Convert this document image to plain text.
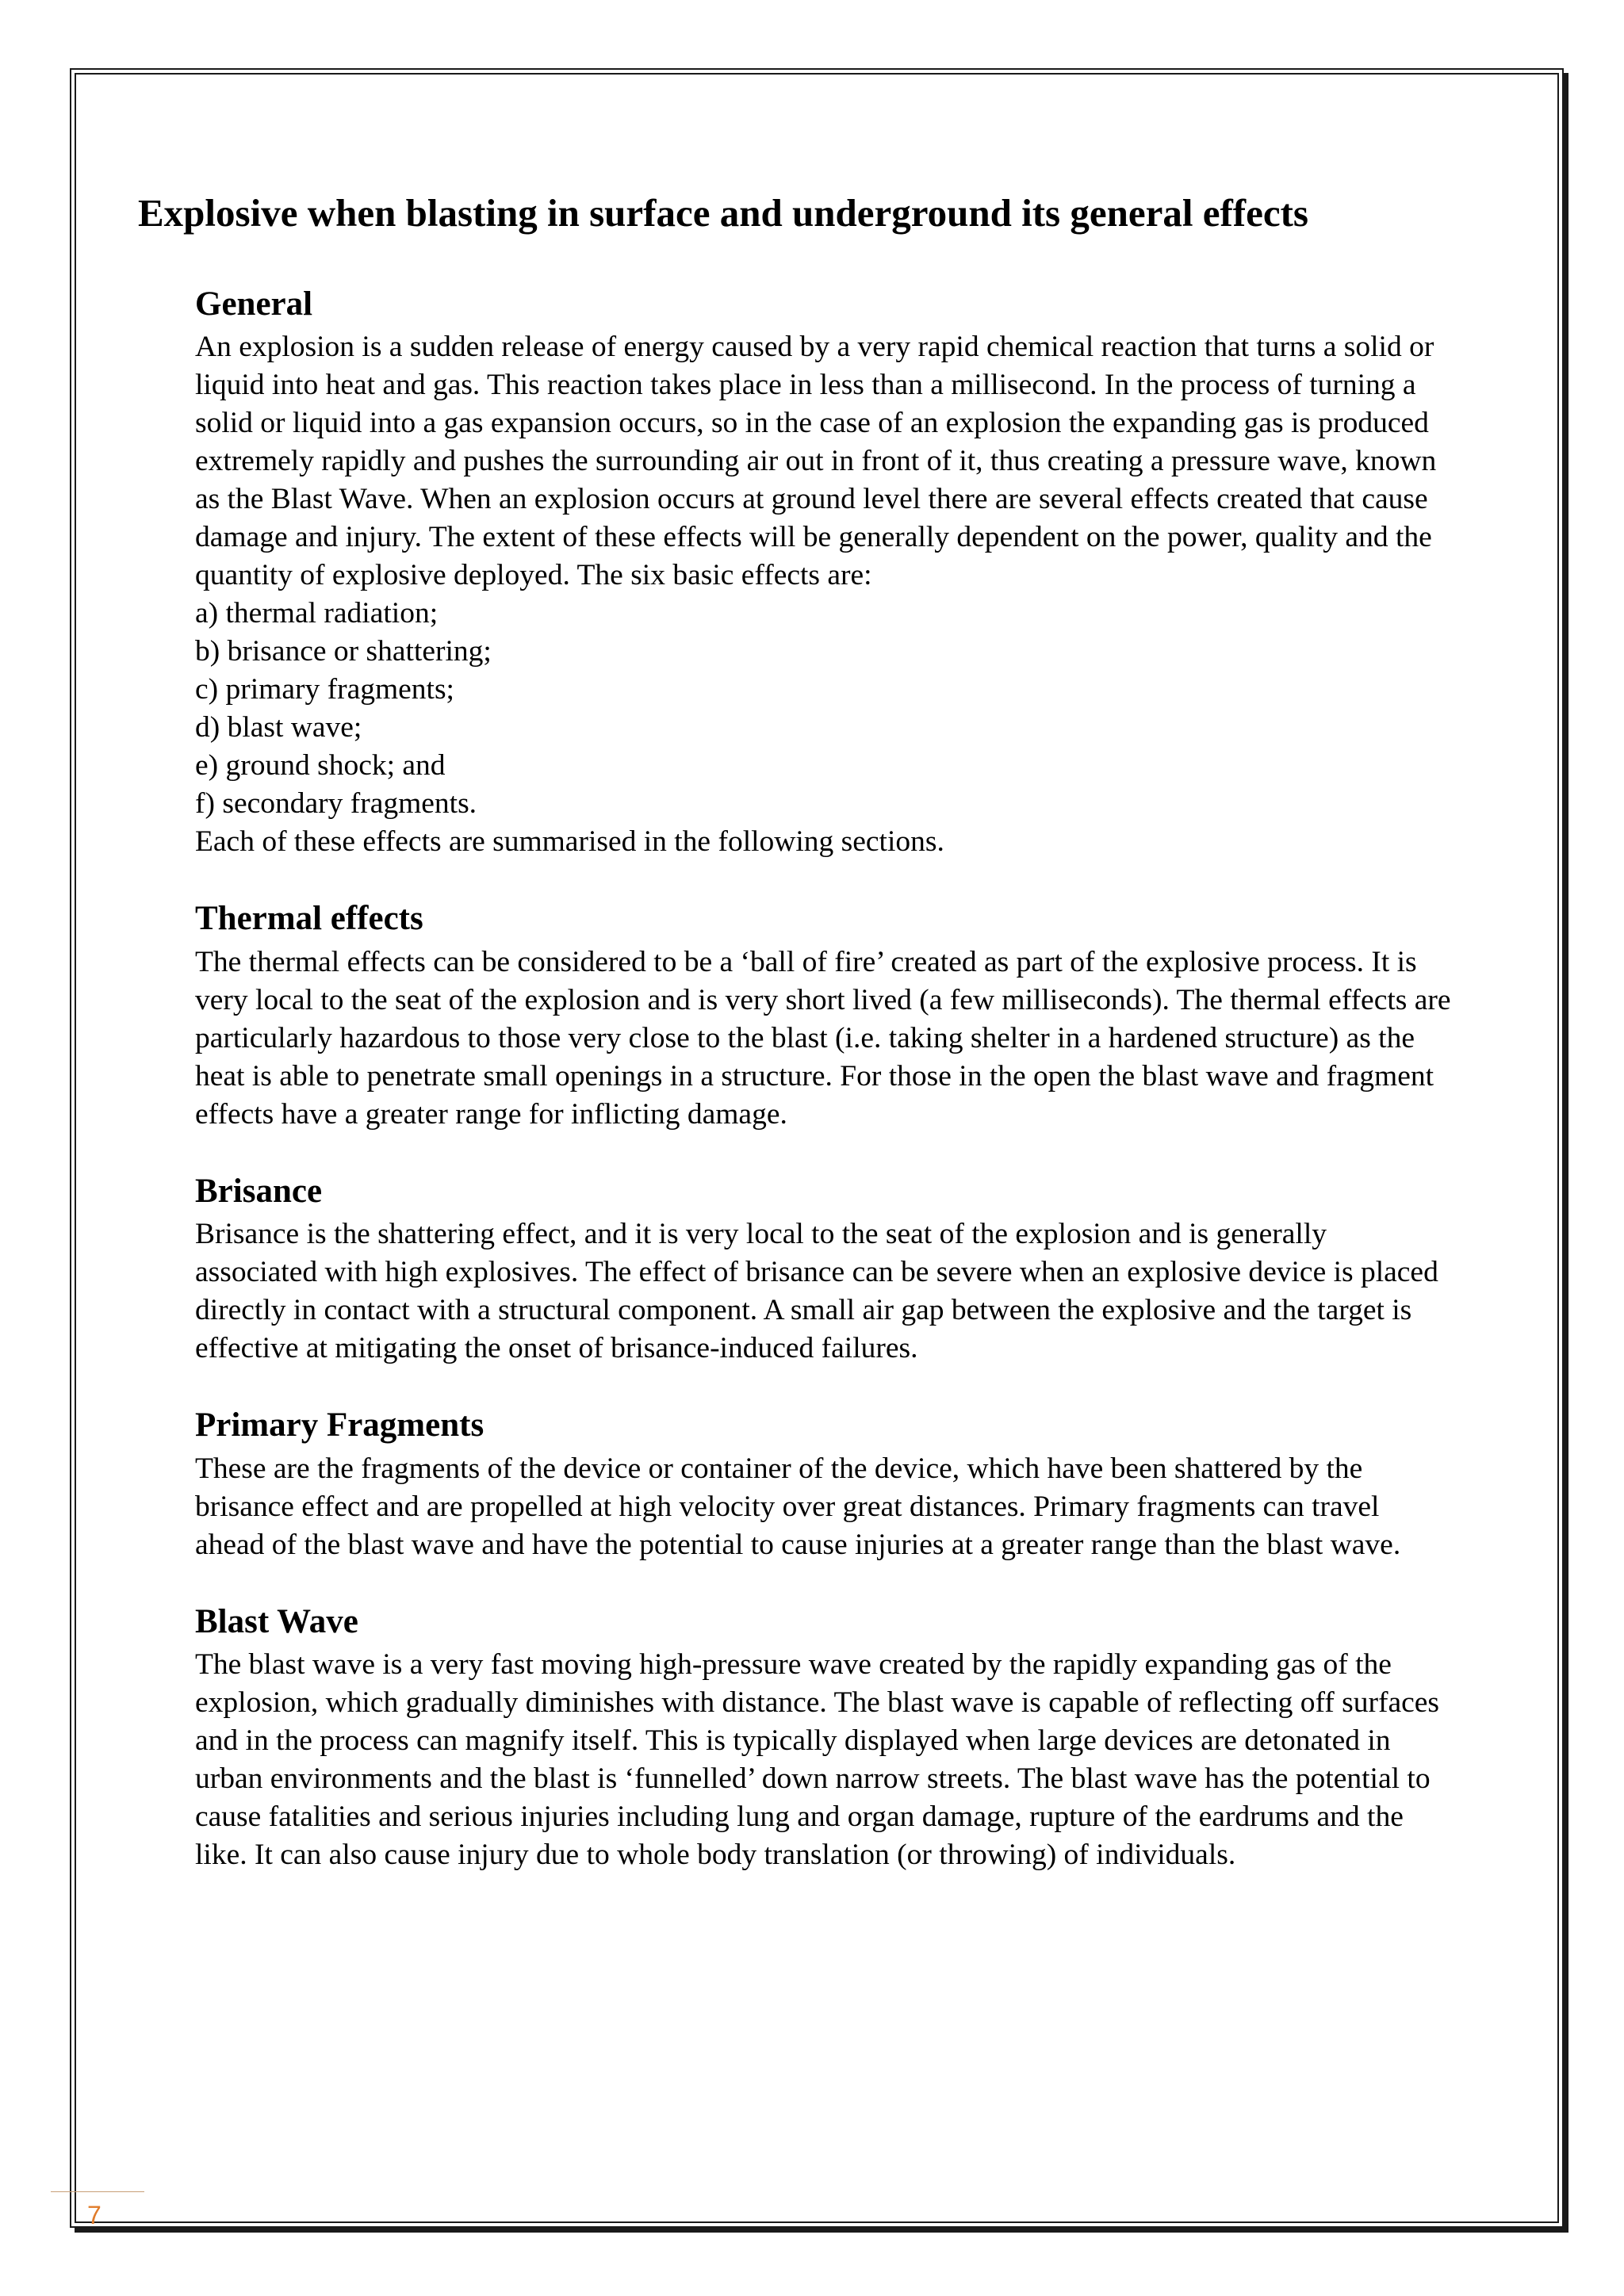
Explosive when blasting in surface and underground its general effects
General

An explosion is a sudden release of energy caused by a very rapid chemical reaction that turns a solid or liquid into heat and gas. This reaction takes place in less than a millisecond. In the process of turning a solid or liquid into a gas expansion occurs, so in the case of an explosion the expanding gas is produced extremely rapidly and pushes the surrounding air out in front of it, thus creating a pressure wave, known as the Blast Wave. When an explosion occurs at ground level there are several effects created that cause damage and injury. The extent of these effects will be generally dependent on the power, quality and the quantity of explosive deployed. The six basic effects are:

a) thermal radiation;
b) brisance or shattering;
c) primary fragments;
d) blast wave;
e) ground shock; and
f) secondary fragments.

Each of these effects are summarised in the following sections.

Thermal effects

The thermal effects can be considered to be a ‘ball of fire’ created as part of the explosive process. It is very local to the seat of the explosion and is very short lived (a few milliseconds). The thermal effects are particularly hazardous to those very close to the blast (i.e. taking shelter in a hardened structure) as the heat is able to penetrate small openings in a structure. For those in the open the blast wave and fragment effects have a greater range for inflicting damage.

Brisance

Brisance is the shattering effect, and it is very local to the seat of the explosion and is generally associated with high explosives. The effect of brisance can be severe when an explosive device is placed directly in contact with a structural component. A small air gap between the explosive and the target is effective at mitigating the onset of brisance-induced failures.

Primary Fragments

These are the fragments of the device or container of the device, which have been shattered by the brisance effect and are propelled at high velocity over great distances. Primary fragments can travel ahead of the blast wave and have the potential to cause injuries at a greater range than the blast wave.

Blast Wave

The blast wave is a very fast moving high-pressure wave created by the rapidly expanding gas of the explosion, which gradually diminishes with distance. The blast wave is capable of reflecting off surfaces and in the process can magnify itself. This is typically displayed when large devices are detonated in urban environments and the blast is ‘funnelled’ down narrow streets. The blast wave has the potential to cause fatalities and serious injuries including lung and organ damage, rupture of the eardrums and the like. It can also cause injury due to whole body translation (or throwing) of individuals.

7
